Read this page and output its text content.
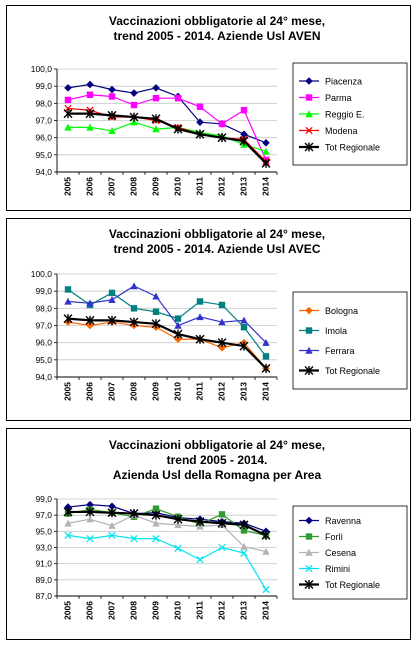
100,0
99,0
98,0
97,0
96,0
95,0
94,0
2005 2006 2007 2008 2009 2010 2011 2012 2013 2014
Piacenza
Parma
Reggio E.
Modena
Tot Regionale
Vaccinazioni obbligatorie al 24° mese,
trend 2005 - 2014. Aziende Usl AVEN
100,0
99,0
98,0
97,0
96,0
95,0
94,0
2005 2006 2007 2008 2009 2010 2011 2012 2013 2014
Bologna
Imola
Ferrara
Tot Regionale
Vaccinazioni obbligatorie al 24° mese,
trend 2005 - 2014. Aziende Usl AVEC
99,0
97,0
95,0
93,0
91,0
89,0
87,0
2005 2006 2007 2008 2009 2010 2011 2012 2013 2014
Ravenna
Forlì
Cesena
Rimini
Tot Regionale
Vaccinazioni obbligatorie al 24° mese,
trend 2005 - 2014.
Azienda Usl della Romagna per Area
